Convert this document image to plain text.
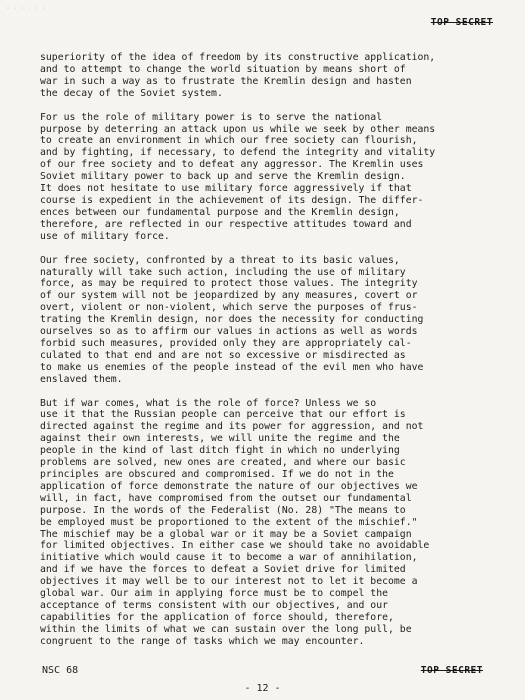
· · · · · ·
TOP SECRET

superiority of the idea of freedom by its constructive application,
and to attempt to change the world situation by means short of
war in such a way as to frustrate the Kremlin design and hasten
the decay of the Soviet system.

For us the role of military power is to serve the national
purpose by deterring an attack upon us while we seek by other means
to create an environment in which our free society can flourish,
and by fighting, if necessary, to defend the integrity and vitality
of our free society and to defeat any aggressor. The Kremlin uses
Soviet military power to back up and serve the Kremlin design.
It does not hesitate to use military force aggressively if that
course is expedient in the achievement of its design. The differ-
ences between our fundamental purpose and the Kremlin design,
therefore, are reflected in our respective attitudes toward and
use of military force.

Our free society, confronted by a threat to its basic values,
naturally will take such action, including the use of military
force, as may be required to protect those values. The integrity
of our system will not be jeopardized by any measures, covert or
overt, violent or non-violent, which serve the purposes of frus-
trating the Kremlin design, nor does the necessity for conducting
ourselves so as to affirm our values in actions as well as words
forbid such measures, provided only they are appropriately cal-
culated to that end and are not so excessive or misdirected as
to make us enemies of the people instead of the evil men who have
enslaved them.

But if war comes, what is the role of force? Unless we so
use it that the Russian people can perceive that our effort is
directed against the regime and its power for aggression, and not
against their own interests, we will unite the regime and the
people in the kind of last ditch fight in which no underlying
problems are solved, new ones are created, and where our basic
principles are obscured and compromised. If we do not in the
application of force demonstrate the nature of our objectives we
will, in fact, have compromised from the outset our fundamental
purpose. In the words of the Federalist (No. 28) "The means to
be employed must be proportioned to the extent of the mischief."
The mischief may be a global war or it may be a Soviet campaign
for limited objectives. In either case we should take no avoidable
initiative which would cause it to become a war of annihilation,
and if we have the forces to defeat a Soviet drive for limited
objectives it may well be to our interest not to let it become a
global war. Our aim in applying force must be to compel the
acceptance of terms consistent with our objectives, and our
capabilities for the application of force should, therefore,
within the limits of what we can sustain over the long pull, be
congruent to the range of tasks which we may encounter.

NSC 68	TOP SECRET
- 12 -
